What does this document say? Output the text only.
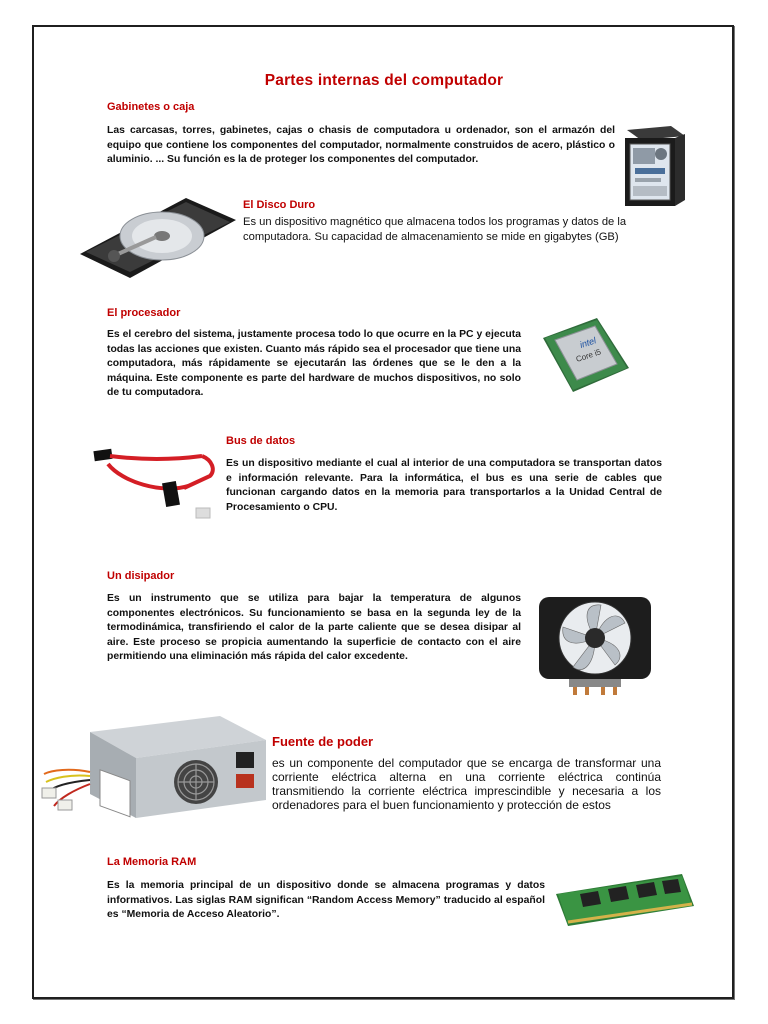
Partes internas del computador
Gabinetes o caja

Las carcasas, torres, gabinetes, cajas o chasis de computadora u ordenador, son el armazón del equipo que contiene los componentes del computador, normalmente construidos de acero, plástico o aluminio. ... Su función es la de proteger los componentes del computador.

El Disco Duro

Es un dispositivo magnético que almacena todos los programas y datos de la computadora. Su capacidad de almacenamiento se mide en gigabytes (GB)

El procesador

Es el cerebro del sistema, justamente procesa todo lo que ocurre en la PC y ejecuta todas las acciones que existen. Cuanto más rápido sea el procesador que tiene una computadora, más rápidamente se ejecutarán las órdenes que se le den a la máquina. Este componente es parte del hardware de muchos dispositivos, no solo de tu computadora.

intel
Core i5
Bus de datos

Es un dispositivo mediante el cual al interior de una computadora se transportan datos e información relevante. Para la informática, el bus es una serie de cables que funcionan cargando datos en la memoria para transportarlos a la Unidad Central de Procesamiento o CPU.

Un disipador

Es un instrumento que se utiliza para bajar la temperatura de algunos componentes electrónicos. Su funcionamiento se basa en la segunda ley de la termodinámica, transfiriendo el calor de la parte caliente que se desea disipar al aire. Este proceso se propicia aumentando la superficie de contacto con el aire permitiendo una eliminación más rápida del calor excedente.

Fuente de poder

es un componente del computador que se encarga de transformar una corriente eléctrica alterna en una corriente eléctrica continúa transmitiendo la corriente eléctrica imprescindible y necesaria a los ordenadores para el buen funcionamiento y protección de estos

La Memoria RAM

Es la memoria principal de un dispositivo donde se almacena programas y datos informativos. Las siglas RAM significan “Random Access Memory” traducido al español es “Memoria de Acceso Aleatorio”.
